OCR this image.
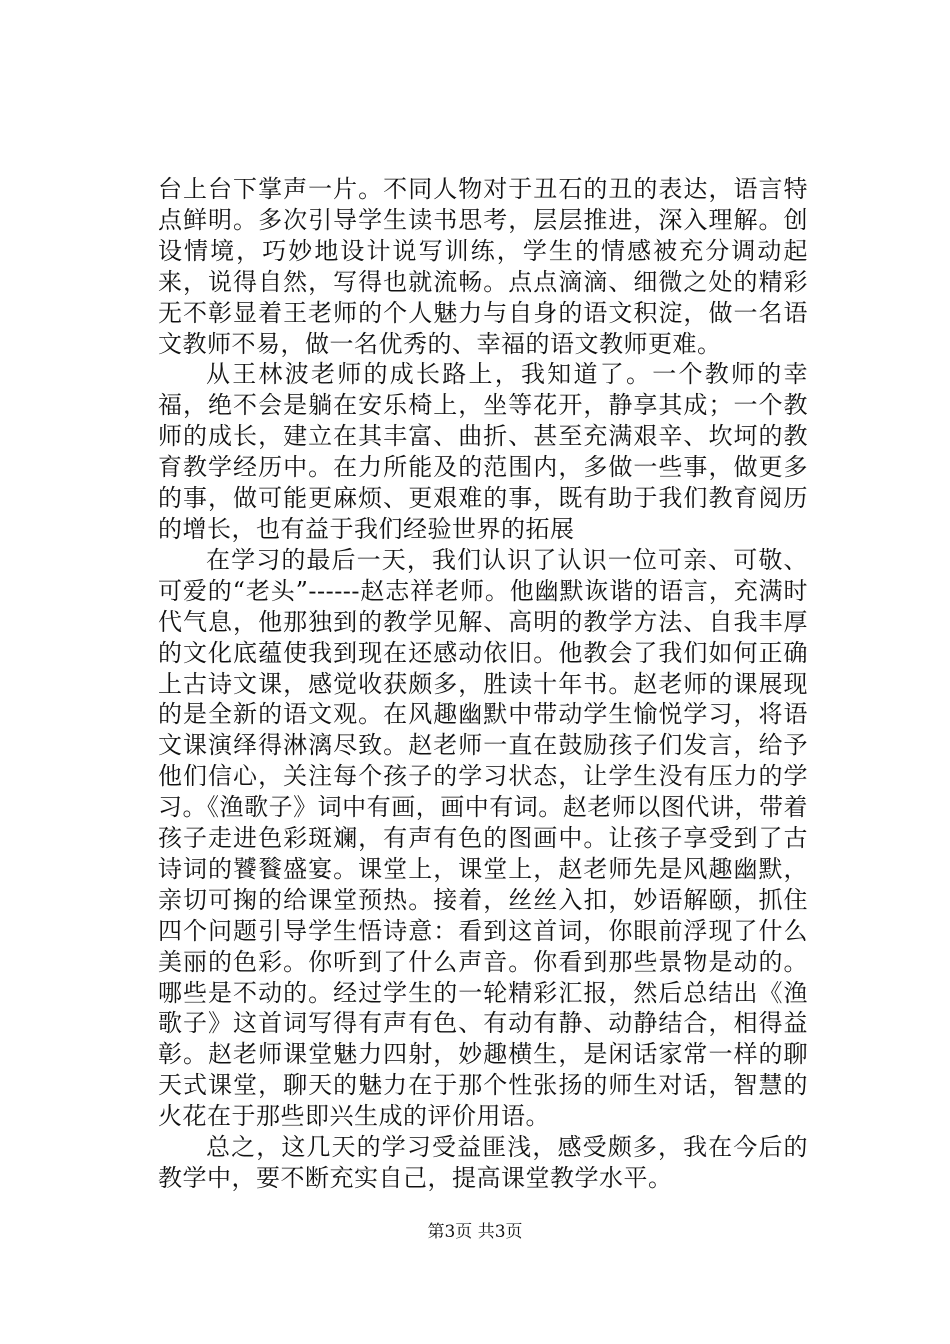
台上台下掌声一片。不同人物对于丑石的丑的表达，语言特点鲜明。多次引导学生读书思考，层层推进，深入理解。创设情境，巧妙地设计说写训练，学生的情感被充分调动起来，说得自然，写得也就流畅。点点滴滴、细微之处的精彩无不彰显着王老师的个人魅力与自身的语文积淀，做一名语文教师不易，做一名优秀的、幸福的语文教师更难。

从王林波老师的成长路上，我知道了。一个教师的幸福，绝不会是躺在安乐椅上，坐等花开，静享其成；一个教师的成长，建立在其丰富、曲折、甚至充满艰辛、坎坷的教育教学经历中。在力所能及的范围内，多做一些事，做更多的事，做可能更麻烦、更艰难的事，既有助于我们教育阅历的增长，也有益于我们经验世界的拓展

在学习的最后一天，我们认识了认识一位可亲、可敬、可爱的“老头”------赵志祥老师。他幽默诙谐的语言，充满时代气息，他那独到的教学见解、高明的教学方法、自我丰厚的文化底蕴使我到现在还感动依旧。他教会了我们如何正确上古诗文课，感觉收获颇多，胜读十年书。赵老师的课展现的是全新的语文观。在风趣幽默中带动学生愉悦学习，将语文课演绎得淋漓尽致。赵老师一直在鼓励孩子们发言，给予他们信心，关注每个孩子的学习状态，让学生没有压力的学习。《渔歌子》词中有画，画中有词。赵老师以图代讲，带着孩子走进色彩斑斓，有声有色的图画中。让孩子享受到了古诗词的饕餮盛宴。课堂上，课堂上，赵老师先是风趣幽默，亲切可掬的给课堂预热。接着，丝丝入扣，妙语解颐，抓住四个问题引导学生悟诗意：看到这首词，你眼前浮现了什么美丽的色彩。你听到了什么声音。你看到那些景物是动的。哪些是不动的。经过学生的一轮精彩汇报，然后总结出《渔歌子》这首词写得有声有色、有动有静、动静结合，相得益彰。赵老师课堂魅力四射，妙趣横生，是闲话家常一样的聊天式课堂，聊天的魅力在于那个性张扬的师生对话，智慧的火花在于那些即兴生成的评价用语。

总之，这几天的学习受益匪浅，感受颇多，我在今后的教学中，要不断充实自己，提高课堂教学水平。

第3页 共3页
